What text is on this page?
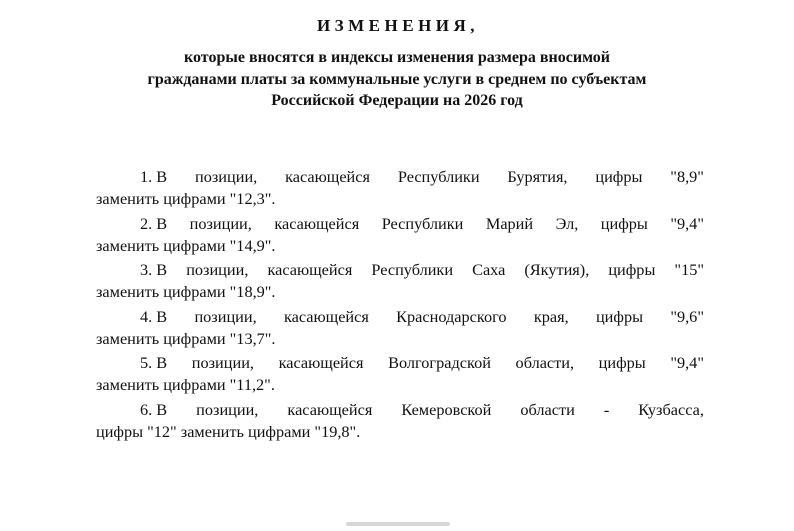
ИЗМЕНЕНИЯ,
которые вносятся в индексы изменения размера вносимой
гражданами платы за коммунальные услуги в среднем по субъектам
Российской Федерации на 2026 год
1. В позиции, касающейся Республики Бурятия, цифры "8,9"
заменить цифрами "12,3".
2. В позиции, касающейся Республики Марий Эл, цифры "9,4"
заменить цифрами "14,9".
3. В позиции, касающейся Республики Саха (Якутия), цифры "15"
заменить цифрами "18,9".
4. В позиции, касающейся Краснодарского края, цифры "9,6"
заменить цифрами "13,7".
5. В позиции, касающейся Волгоградской области, цифры "9,4"
заменить цифрами "11,2".
6. В позиции, касающейся Кемеровской области - Кузбасса,
цифры "12" заменить цифрами "19,8".
